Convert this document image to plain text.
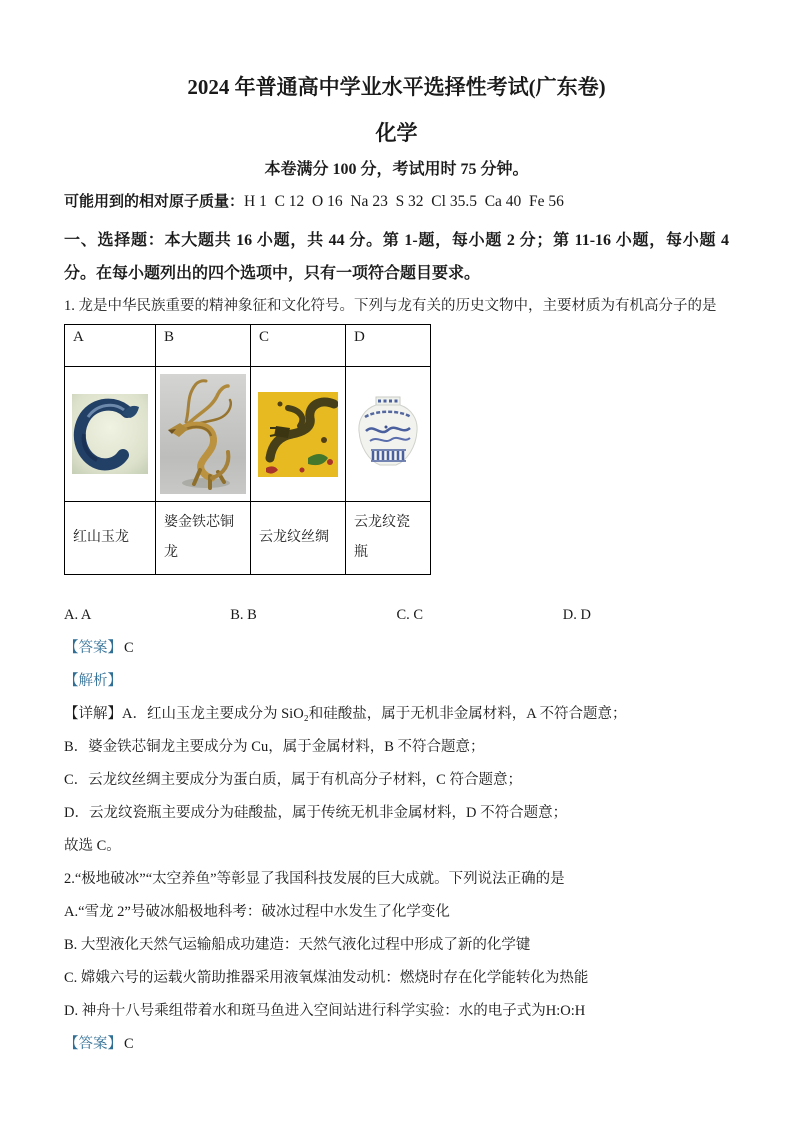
2024 年普通高中学业水平选择性考试(广东卷)
化学
本卷满分 100 分，考试用时 75 分钟。
可能用到的相对原子质量：H 1  C 12  O 16  Na 23  S 32  Cl 35.5  Ca 40  Fe 56
一、选择题：本大题共 16 小题，共 44 分。第 1-题，每小题 2 分；第 11-16 小题，每小题 4 分。在每小题列出的四个选项中，只有一项符合题目要求。
1. 龙是中华民族重要的精神象征和文化符号。下列与龙有关的历史文物中，主要材质为有机高分子的是
A	B	C	D

红山玉龙	婆金铁芯铜龙	云龙纹丝绸	云龙纹瓷瓶
A. A	B. B	C. C	D. D
【答案】 C
【解析】
【详解】A．红山玉龙主要成分为 SiO₂和硅酸盐，属于无机非金属材料，A 不符合题意；
B．婆金铁芯铜龙主要成分为 Cu，属于金属材料，B 不符合题意；
C．云龙纹丝绸主要成分为蛋白质，属于有机高分子材料，C 符合题意；
D．云龙纹瓷瓶主要成分为硅酸盐，属于传统无机非金属材料，D 不符合题意；
故选 C。
2.“极地破冰”“太空养鱼”等彰显了我国科技发展的巨大成就。下列说法正确的是
A.“雪龙 2”号破冰船极地科考：破冰过程中水发生了化学变化
B. 大型液化天然气运输船成功建造：天然气液化过程中形成了新的化学键
C. 嫦娥六号的运载火箭助推器采用液氧煤油发动机：燃烧时存在化学能转化为热能
D. 神舟十八号乘组带着水和斑马鱼进入空间站进行科学实验：水的电子式为H:O:H
【答案】 C
